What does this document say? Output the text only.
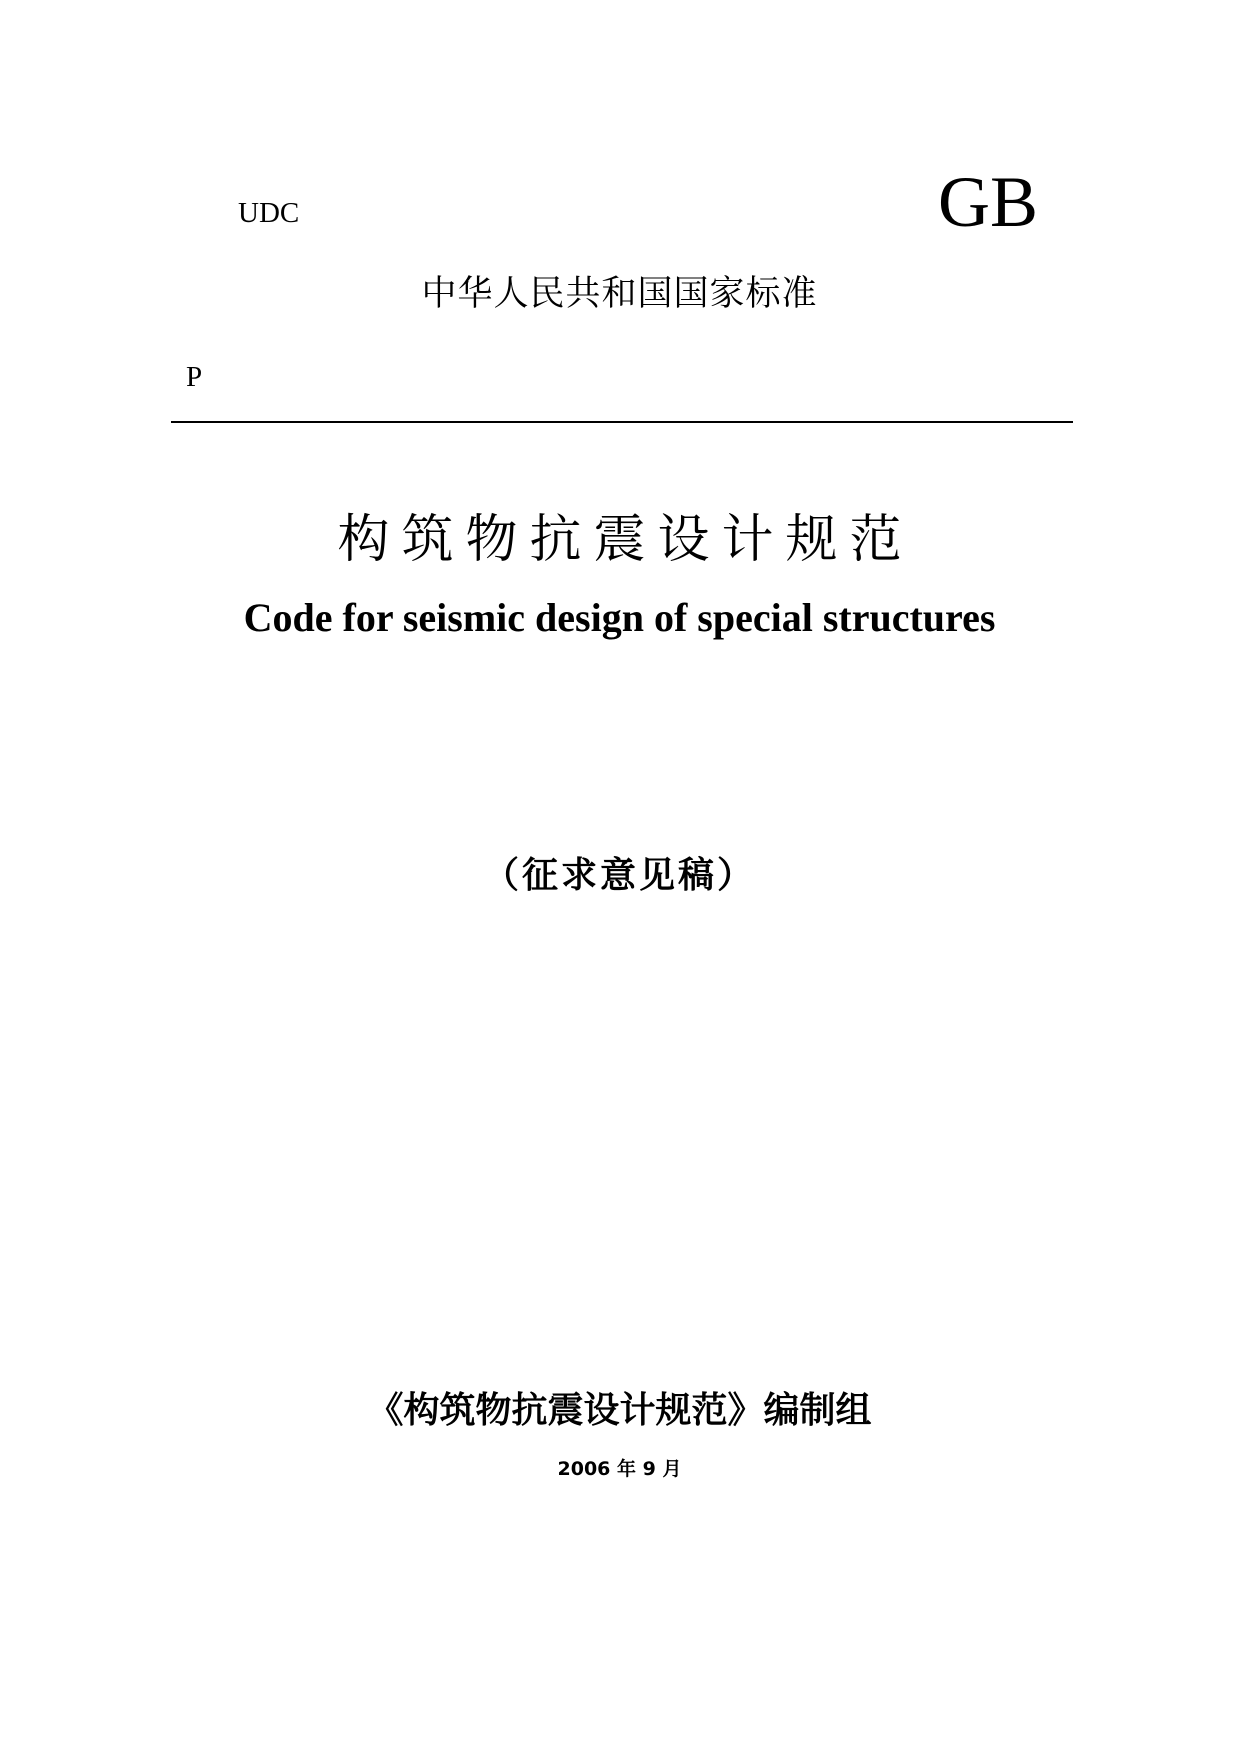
UDC	GB
中华人民共和国国家标准
P
构筑物抗震设计规范
Code for seismic design of special structures
（征求意见稿）
《构筑物抗震设计规范》编制组
2006 年 9 月
